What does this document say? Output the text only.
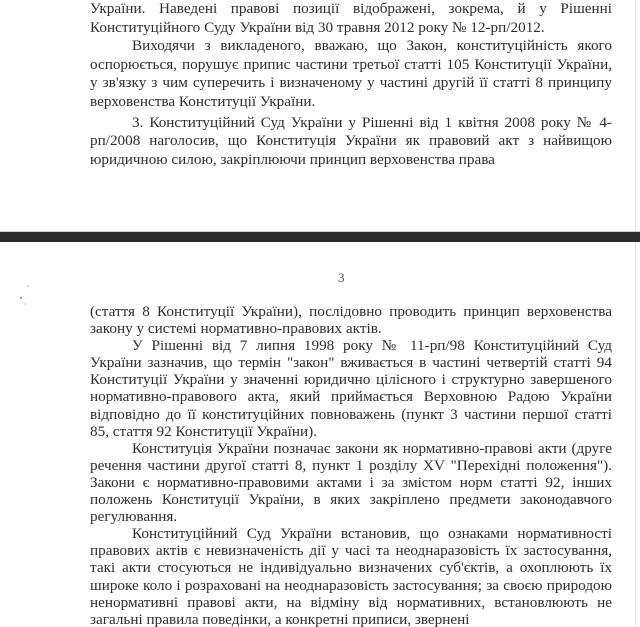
України. Наведені правові позиції відображені, зокрема, й у Рішенні Конституційного Суду України від 30 травня 2012 року № 12-рп/2012.

Виходячи з викладеного, вважаю, що Закон, конституційність якого оспорюється, порушує припис частини третьої статті 105 Конституції України, у зв'язку з чим суперечить і визначеному у частині другій її статті 8 принципу верховенства Конституції України.

3. Конституційний Суд України у Рішенні від 1 квітня 2008 року № 4-рп/2008 наголосив, що Конституція України як правовий акт з найвищою юридичною силою, закріплюючи принцип верховенства права

3

(стаття 8 Конституції України), послідовно проводить принцип верховенства закону у системі нормативно-правових актів.

У Рішенні від 7 липня 1998 року № 11-рп/98 Конституційний Суд України зазначив, що термін "закон" вживається в частині четвертій статті 94 Конституції України у значенні юридично цілісного і структурно завершеного нормативно-правового акта, який приймається Верховною Радою України відповідно до її конституційних повноважень (пункт 3 частини першої статті 85, стаття 92 Конституції України).

Конституція України позначає закони як нормативно-правові акти (друге речення частини другої статті 8, пункт 1 розділу XV "Перехідні положення"). Закони є нормативно-правовими актами і за змістом норм статті 92, інших положень Конституції України, в яких закріплено предмети законодавчого регулювання.

Конституційний Суд України встановив, що ознаками нормативності правових актів є невизначеність дії у часі та неоднаразовість їх застосування, такі акти стосуються не індивідуально визначених суб'єктів, а охоплюють їх широке коло і розраховані на неоднаразовість застосування; за своєю природою ненормативні правові акти, на відміну від нормативних, встановлюють не загальні правила поведінки, а конкретні приписи, звернені
